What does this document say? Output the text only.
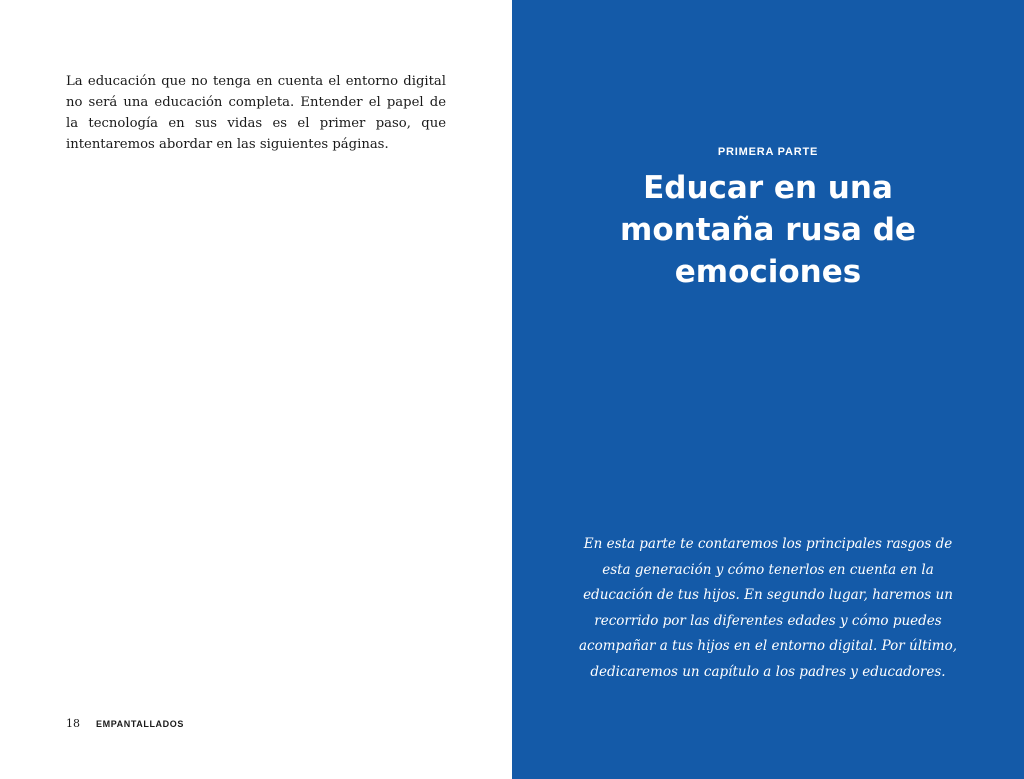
La educación que no tenga en cuenta el entorno digital no será una educación completa. Entender el papel de la tecnología en sus vidas es el primer paso, que intentaremos abordar en las siguientes páginas.

18 EMPANTALLADOS
PRIMERA PARTE
Educar en una montaña rusa de emociones

En esta parte te contaremos los principales rasgos de esta generación y cómo tenerlos en cuenta en la educación de tus hijos. En segundo lugar, haremos un recorrido por las diferentes edades y cómo puedes acompañar a tus hijos en el entorno digital. Por último, dedicaremos un capítulo a los padres y educadores.
